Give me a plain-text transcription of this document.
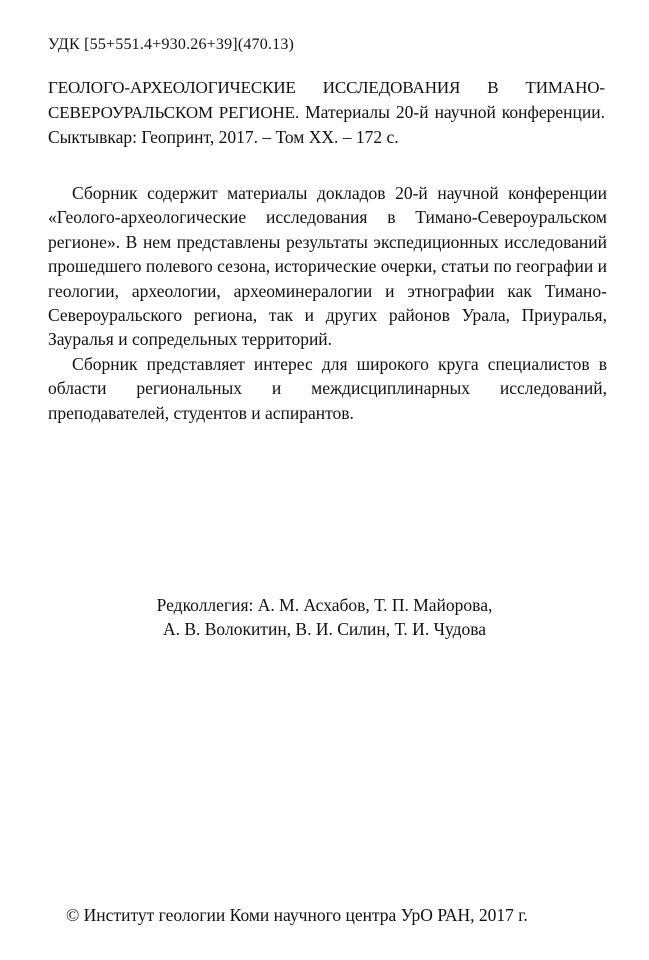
УДК [55+551.4+930.26+39](470.13)
ГЕОЛОГО-АРХЕОЛОГИЧЕСКИЕ ИССЛЕДОВАНИЯ В ТИМАНО-СЕВЕРОУРАЛЬСКОМ РЕГИОНЕ. Материалы 20-й научной конференции. Сыктывкар: Геопринт, 2017. – Том XX. – 172 с.

Сборник содержит материалы докладов 20-й научной конференции «Геолого-археологические исследования в Тимано-Североуральском регионе». В нем представлены результаты экспедиционных исследований прошедшего полевого сезона, исторические очерки, статьи по географии и геологии, археологии, археоминералогии и этнографии как Тимано-Североуральского региона, так и других районов Урала, Приуралья, Зауралья и сопредельных территорий.

Сборник представляет интерес для широкого круга специалистов в области региональных и междисциплинарных исследований, преподавателей, студентов и аспирантов.

Редколлегия: А. М. Асхабов, Т. П. Майорова,
А. В. Волокитин, В. И. Силин, Т. И. Чудова
© Институт геологии Коми научного центра УрО РАН, 2017 г.
